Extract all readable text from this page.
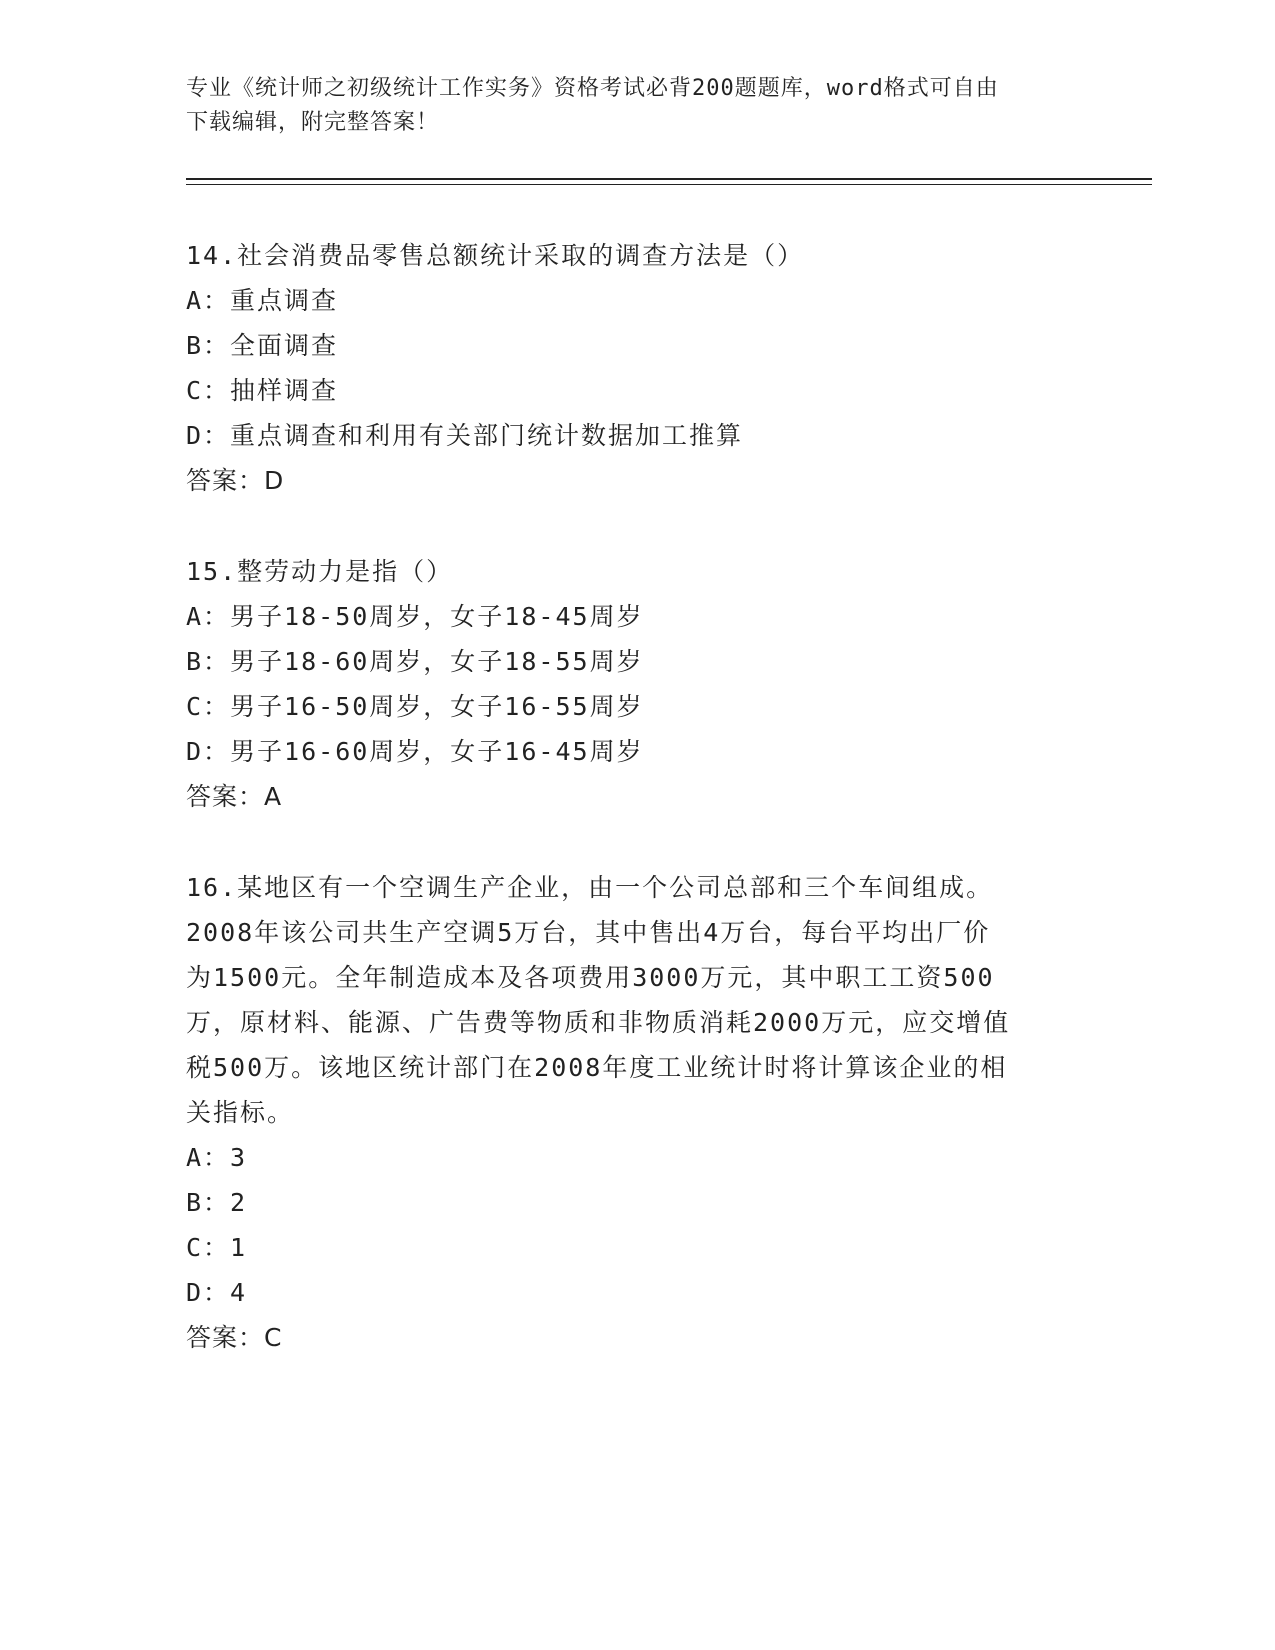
专业《统计师之初级统计工作实务》资格考试必背200题题库，word格式可自由
下载编辑，附完整答案！

14.社会消费品零售总额统计采取的调查方法是（）

A：重点调查

B：全面调查

C：抽样调查

D：重点调查和利用有关部门统计数据加工推算

答案：D

15.整劳动力是指（）

A：男子18-50周岁，女子18-45周岁

B：男子18-60周岁，女子18-55周岁

C：男子16-50周岁，女子16-55周岁

D：男子16-60周岁，女子16-45周岁

答案：A

16.某地区有一个空调生产企业，由一个公司总部和三个车间组成。
2008年该公司共生产空调5万台，其中售出4万台，每台平均出厂价
为1500元。全年制造成本及各项费用3000万元，其中职工工资500
万，原材料、能源、广告费等物质和非物质消耗2000万元，应交增值
税500万。该地区统计部门在2008年度工业统计时将计算该企业的相
关指标。

A：3

B：2

C：1

D：4

答案：C
